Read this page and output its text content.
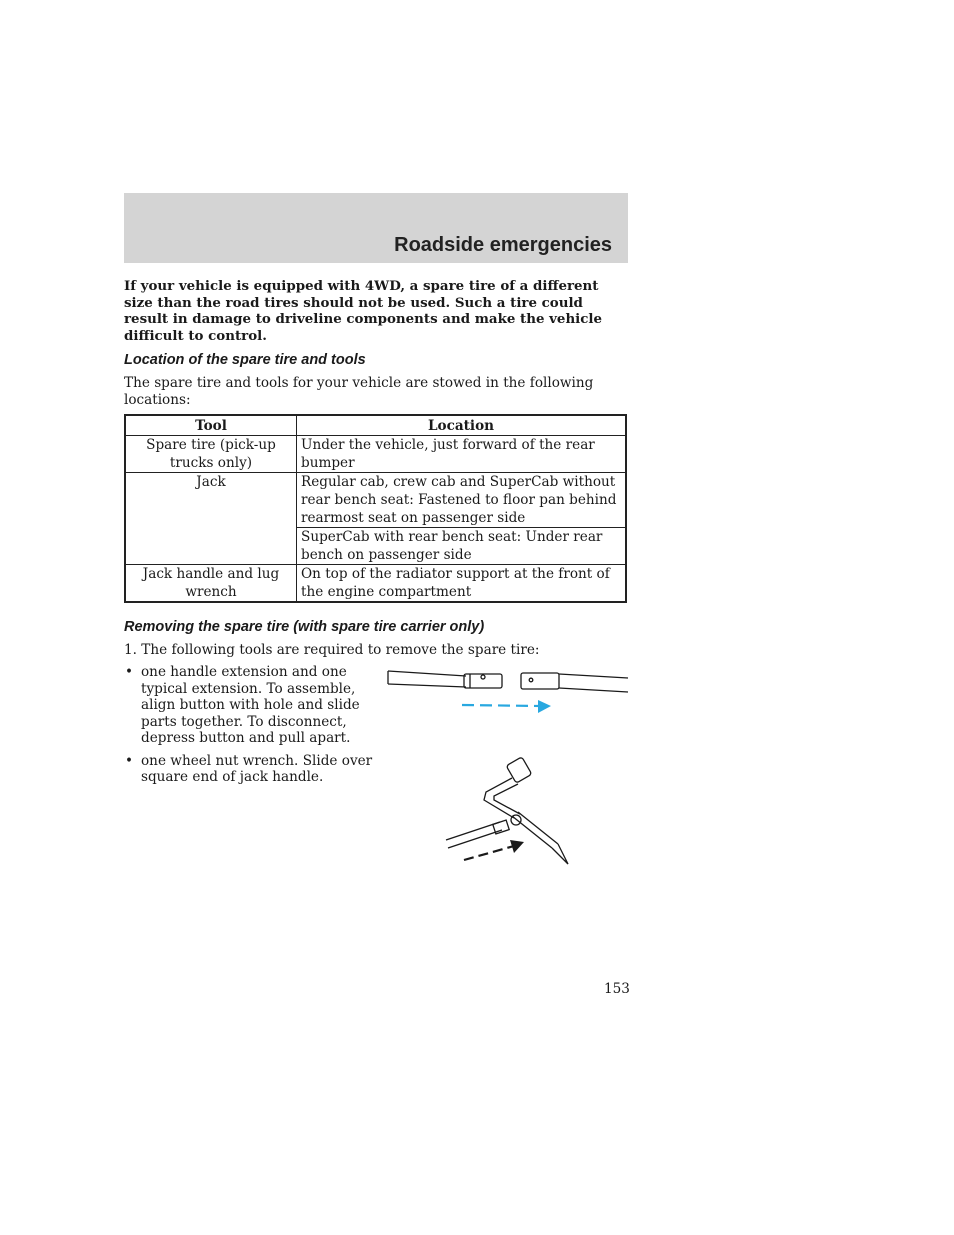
Roadside emergencies

If your vehicle is equipped with 4WD, a spare tire of a different size than the road tires should not be used. Such a tire could result in damage to driveline components and make the vehicle difficult to control.

Location of the spare tire and tools

The spare tire and tools for your vehicle are stowed in the following locations:

Tool	Location
Spare tire (pick-up trucks only)	Under the vehicle, just forward of the rear bumper
Jack	Regular cab, crew cab and SuperCab without rear bench seat: Fastened to floor pan behind rearmost seat on passenger side
	SuperCab with rear bench seat: Under rear bench on passenger side
Jack handle and lug wrench	On top of the radiator support at the front of the engine compartment
Removing the spare tire (with spare tire carrier only)

1. The following tools are required to remove the spare tire:

• one handle extension and one typical extension. To assemble, align button with hole and slide parts together. To disconnect, depress button and pull apart.
• one wheel nut wrench. Slide over square end of jack handle.

153
